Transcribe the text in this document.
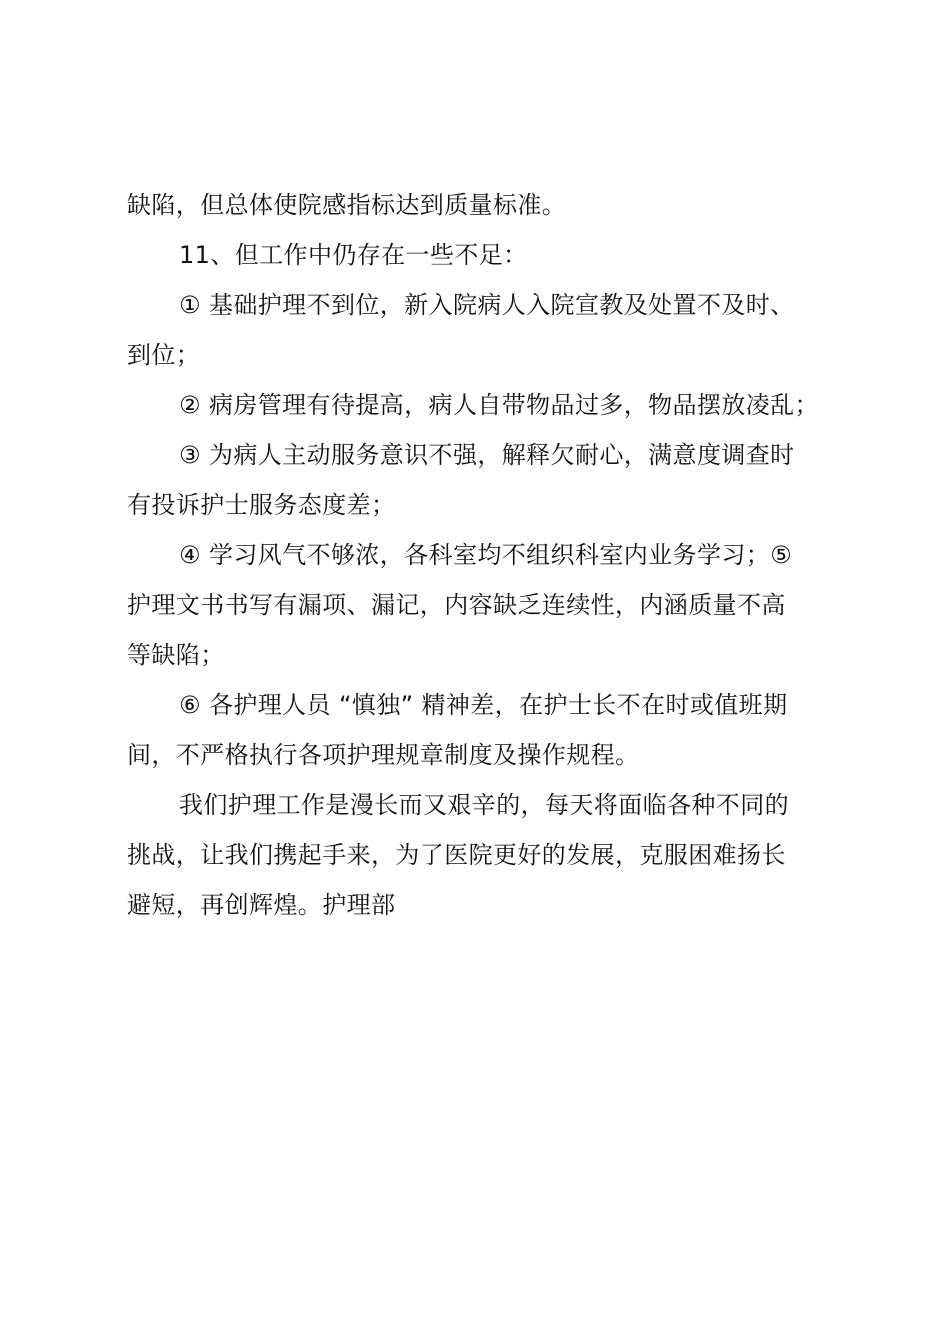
缺陷，但总体使院感指标达到质量标准。

11、但工作中仍存在一些不足：

① 基础护理不到位，新入院病人入院宣教及处置不及时、

到位；

② 病房管理有待提高，病人自带物品过多，物品摆放凌乱；

③ 为病人主动服务意识不强，解释欠耐心，满意度调查时

有投诉护士服务态度差；

④ 学习风气不够浓，各科室均不组织科室内业务学习；⑤

护理文书书写有漏项、漏记，内容缺乏连续性，内涵质量不高

等缺陷；

⑥ 各护理人员 “慎独” 精神差，在护士长不在时或值班期

间，不严格执行各项护理规章制度及操作规程。

我们护理工作是漫长而又艰辛的，每天将面临各种不同的

挑战，让我们携起手来，为了医院更好的发展，克服困难扬长

避短，再创辉煌。护理部
